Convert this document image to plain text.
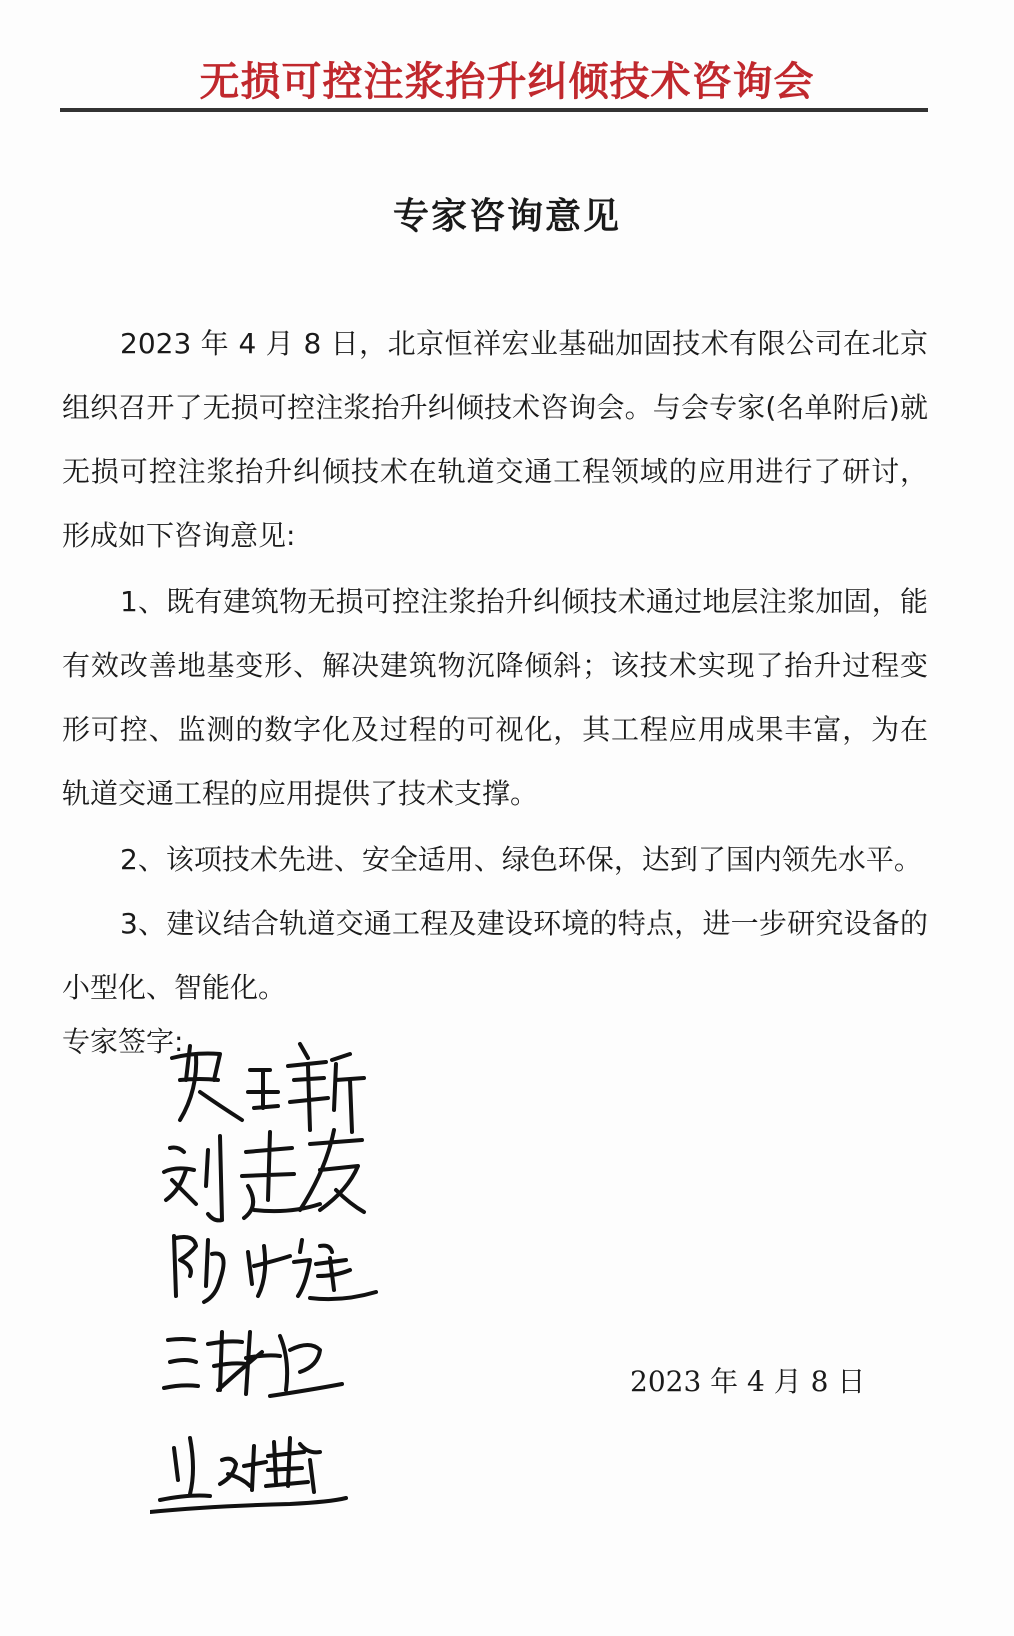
无损可控注浆抬升纠倾技术咨询会
专家咨询意见
2023 年 4 月 8 日，北京恒祥宏业基础加固技术有限公司在北京组织召开了无损可控注浆抬升纠倾技术咨询会。与会专家(名单附后)就无损可控注浆抬升纠倾技术在轨道交通工程领域的应用进行了研讨，形成如下咨询意见:
1、既有建筑物无损可控注浆抬升纠倾技术通过地层注浆加固，能有效改善地基变形、解决建筑物沉降倾斜；该技术实现了抬升过程变形可控、监测的数字化及过程的可视化，其工程应用成果丰富，为在轨道交通工程的应用提供了技术支撑。
2、该项技术先进、安全适用、绿色环保，达到了国内领先水平。
3、建议结合轨道交通工程及建设环境的特点，进一步研究设备的小型化、智能化。
专家签字:
2023 年 4 月 8 日
